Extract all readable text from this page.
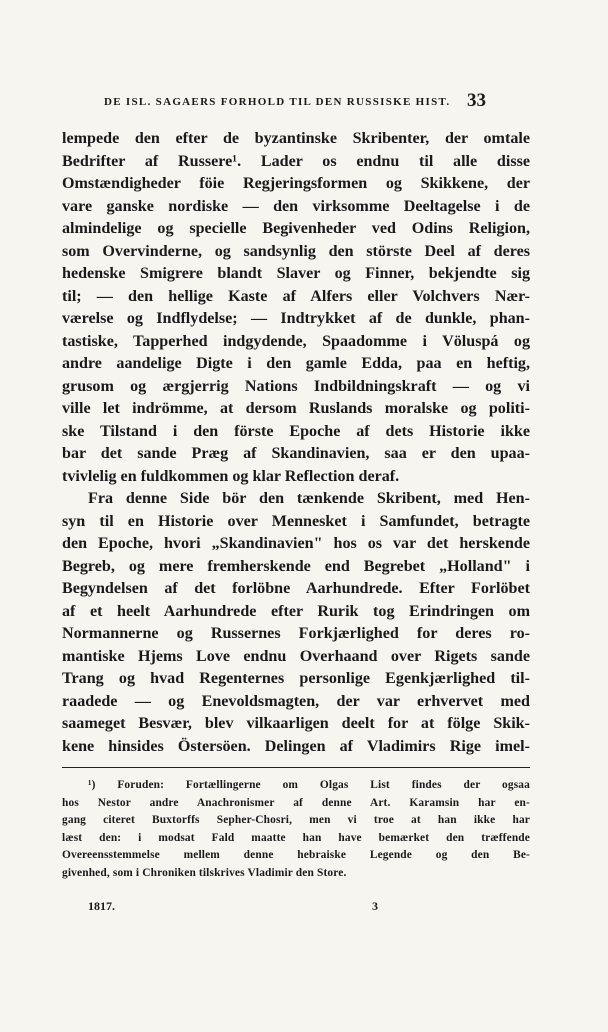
DE ISL. SAGAERS FORHOLD TIL DEN RUSSISKE HIST. 33
lempede den efter de byzantinske Skribenter, der omtale
Bedrifter af Russere¹. Lader os endnu til alle disse
Omstændigheder föie Regjeringsformen og Skikkene, der
vare ganske nordiske — den virksomme Deeltagelse i de
almindelige og specielle Begivenheder ved Odins Religion,
som Overvinderne, og sandsynlig den störste Deel af deres
hedenske Smigrere blandt Slaver og Finner, bekjendte sig
til; — den hellige Kaste af Alfers eller Volchvers Nær-
værelse og Indflydelse; — Indtrykket af de dunkle, phan-
tastiske, Tapperhed indgydende, Spaadomme i Völuspá og
andre aandelige Digte i den gamle Edda, paa en heftig,
grusom og ærgjerrig Nations Indbildningskraft — og vi
ville let indrömme, at dersom Ruslands moralske og politi-
ske Tilstand i den förste Epoche af dets Historie ikke
bar det sande Præg af Skandinavien, saa er den upaa-
tvivlelig en fuldkommen og klar Reflection deraf.
Fra denne Side bör den tænkende Skribent, med Hen-
syn til en Historie over Mennesket i Samfundet, betragte
den Epoche, hvori „Skandinavien" hos os var det herskende
Begreb, og mere fremherskende end Begrebet „Holland" i
Begyndelsen af det forlöbne Aarhundrede. Efter Forlöbet
af et heelt Aarhundrede efter Rurik tog Erindringen om
Normannerne og Russernes Forkjærlighed for deres ro-
mantiske Hjems Love endnu Overhaand over Rigets sande
Trang og hvad Regenternes personlige Egenkjærlighed til-
raadede — og Enevoldsmagten, der var erhvervet med
saameget Besvær, blev vilkaarligen deelt for at fölge Skik-
kene hinsides Östersöen. Delingen af Vladimirs Rige imel-
¹) Foruden: Fortællingerne om Olgas List findes der ogsaa
hos Nestor andre Anachronismer af denne Art. Karamsin har en-
gang citeret Buxtorffs Sepher-Chosri, men vi troe at han ikke har
læst den: i modsat Fald maatte han have bemærket den træffende
Overeensstemmelse mellem denne hebraiske Legende og den Be-
givenhed, som i Chroniken tilskrives Vladimir den Store.
1817.	3
